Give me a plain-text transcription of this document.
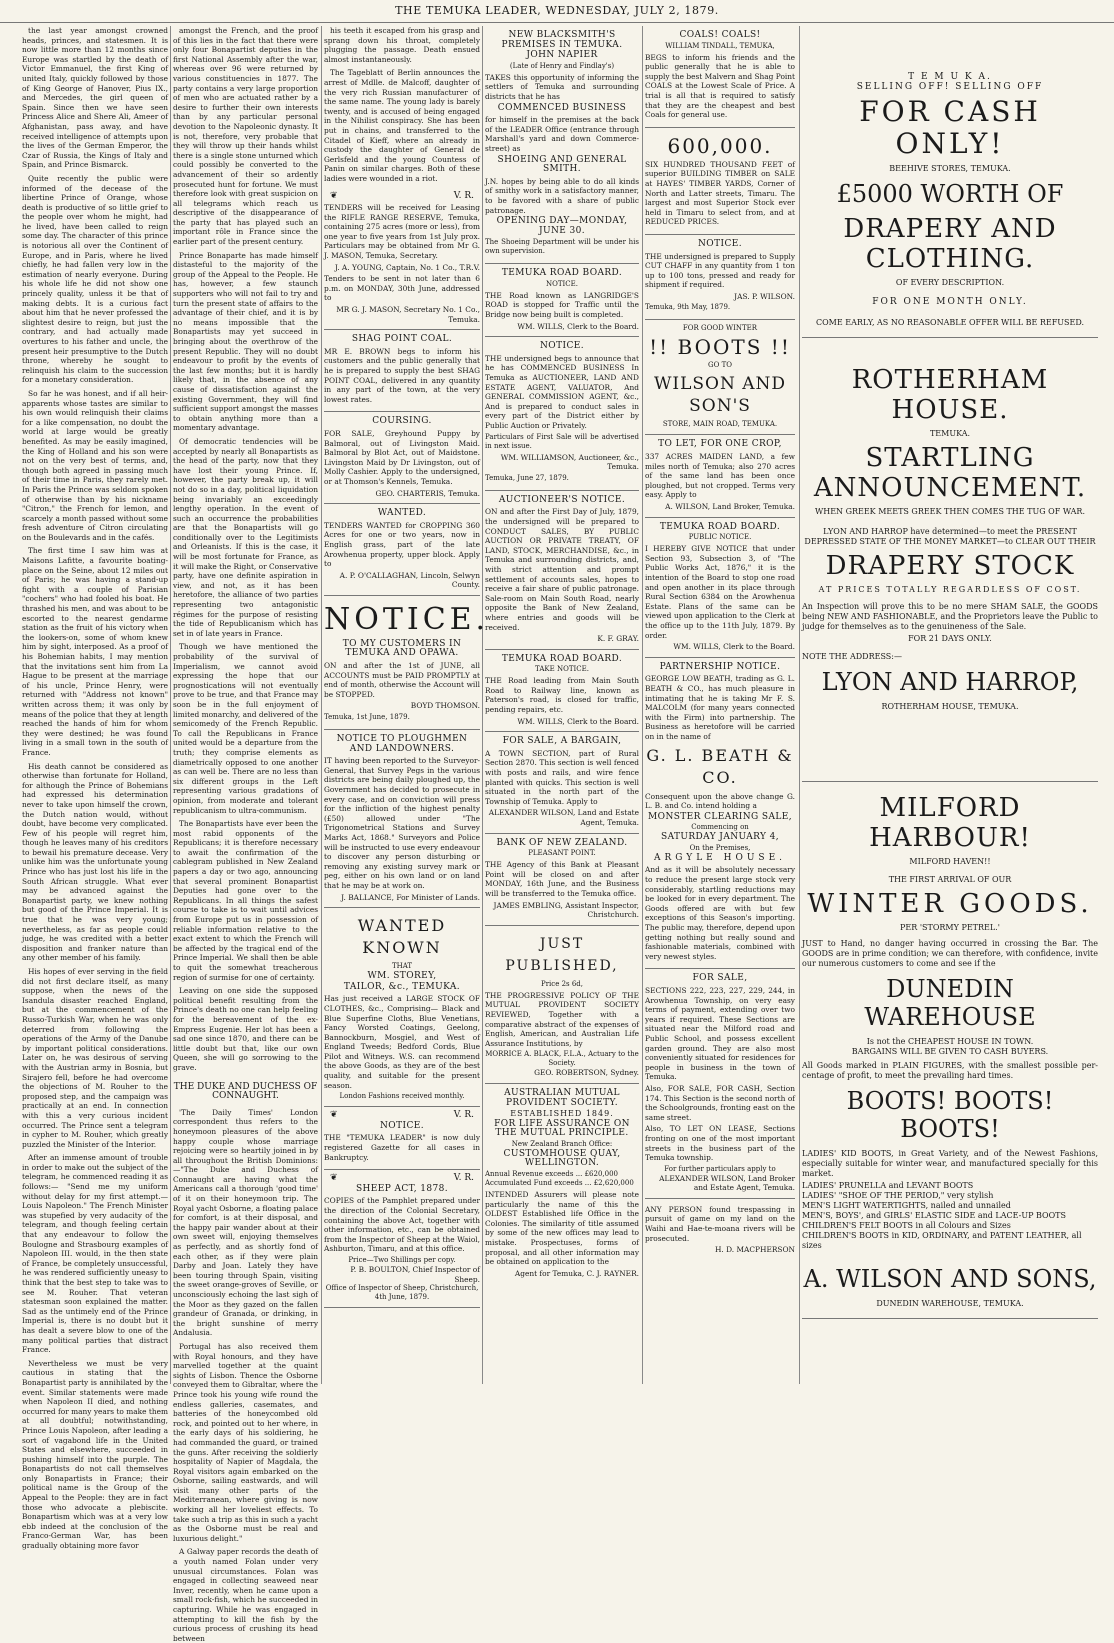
THE TEMUKA LEADER, WEDNESDAY, JULY 2, 1879.

the last year amongst crowned heads, princes, and statesmen. It is now little more than 12 months since Europe was startled by the death of Victor Emmanuel, the first King of united Italy, quickly followed by those of King George of Hanover, Pius IX., and Mercedes, the girl queen of Spain. Since then we have seen Princess Alice and Shere Ali, Ameer of Afghanistan, pass away, and have received intelligence of attempts upon the lives of the German Emperor, the Czar of Russia, the Kings of Italy and Spain, and Prince Bismarck.

Quite recently the public were informed of the decease of the libertine Prince of Orange, whose death is productive of so little grief to the people over whom he might, had he lived, have been called to reign some day. The character of this prince is notorious all over the Continent of Europe, and in Paris, where he lived chiefly, he had fallen very low in the estimation of nearly everyone. During his whole life he did not show one princely quality, unless it be that of making debts. It is a curious fact about him that he never professed the slightest desire to reign, but just the contrary, and had actually made overtures to his father and uncle, the present heir presumptive to the Dutch throne, whereby he sought to relinquish his claim to the succession for a monetary consideration.

So far he was honest, and if all heir-apparents whose tastes are similar to his own would relinquish their claims for a like compensation, no doubt the world at large would be greatly benefited. As may be easily imagined, the King of Holland and his son were not on the very best of terms, and, though both agreed in passing much of their time in Paris, they rarely met. In Paris the Prince was seldom spoken of otherwise than by his nickname "Citron," the French for lemon, and scarcely a month passed without some fresh adventure of Citron circulating on the Boulevards and in the cafés.

The first time I saw him was at Maisons Lafitte, a favourite boating-place on the Seine, about 12 miles out of Paris; he was having a stand-up fight with a couple of Parisian "cochers" who had fooled his boat. He thrashed his men, and was about to be escorted to the nearest gendarme station as the fruit of his victory when the lookers-on, some of whom knew him by sight, interposed. As a proof of his Bohemian habits, I may mention that the invitations sent him from La Hague to be present at the marriage of his uncle, Prince Henry, were returned with "Address not known" written across them; it was only by means of the police that they at length reached the hands of him for whom they were destined; he was found living in a small town in the south of France.

His death cannot be considered as otherwise than fortunate for Holland, for although the Prince of Bohemians had expressed his determination never to take upon himself the crown, the Dutch nation would, without doubt, have become very complicated. Few of his people will regret him, though he leaves many of his creditors to bewail his premature decease. Very unlike him was the unfortunate young Prince who has just lost his life in the South African struggle. What ever may be advanced against the Bonapartist party, we knew nothing but good of the Prince Imperial. It is true that he was very young; nevertheless, as far as people could judge, he was credited with a better disposition and franker nature than any other member of his family.

His hopes of ever serving in the field did not first declare itself, as many suppose, when the news of the Isandula disaster reached England, but at the commencement of the Russo-Turkish War, when he was only deterred from following the operations of the Army of the Danube by important political considerations. Later on, he was desirous of serving with the Austrian army in Bosnia, but Sirajero fell, before he had overcome the objections of M. Rouher to the proposed step, and the campaign was practically at an end. In connection with this a very curious incident occurred. The Prince sent a telegram in cypher to M. Rouher, which greatly puzzled the Minister of the Interior.

After an immense amount of trouble in order to make out the subject of the telegram, he commenced reading it as follows:— "Send me my uniform without delay for my first attempt.—Louis Napoleon." The French Minister was stupefied by very audacity of the telegram, and though feeling certain that any endeavour to follow the Boulogne and Strasbourg examples of Napoleon III. would, in the then state of France, be completely unsuccessful, he was rendered sufficiently uneasy to think that the best step to take was to see M. Rouher. That veteran statesman soon explained the matter. Sad as the untimely end of the Prince Imperial is, there is no doubt but it has dealt a severe blow to one of the many political parties that distract France.

Nevertheless we must be very cautious in stating that the Bonapartist party is annihilated by the event. Similar statements were made when Napoleon II died, and nothing occurred for many years to make them at all doubtful; notwithstanding, Prince Louis Napoleon, after leading a sort of vagabond life in the United States and elsewhere, succeeded in pushing himself into the purple. The Bonapartists do not call themselves only Bonapartists in France; their political name is the Group of the Appeal to the People: they are in fact those who advocate a plebiscite. Bonapartism which was at a very low ebb indeed at the conclusion of the Franco-German War, has been gradually obtaining more favor

amongst the French, and the proof of this lies in the fact that there were only four Bonapartist deputies in the first National Assembly after the war, whereas over 96 were returned by various constituencies in 1877. The party contains a very large proportion of men who are actuated rather by a desire to further their own interests than by any particular personal devotion to the Napoleonic dynasty. It is not, therefore, very probable that they will throw up their hands whilst there is a single stone unturned which could possibly be converted to the advancement of their so ardently prosecuted hunt for fortune. We must therefore look with great suspicion on all telegrams which reach us descriptive of the disappearance of the party that has played such an important rôle in France since the earlier part of the present century.

Prince Bonaparte has made himself distasteful to the majority of the group of the Appeal to the People. He has, however, a few staunch supporters who will not fail to try and turn the present state of affairs to the advantage of their chief, and it is by no means impossible that the Bonapartists may yet succeed in bringing about the overthrow of the present Republic. They will no doubt endeavour to profit by the events of the last few months; but it is hardly likely that, in the absence of any cause of dissatisfaction against the existing Government, they will find sufficient support amongst the masses to obtain anything more than a momentary advantage.

Of democratic tendencies will be accepted by nearly all Bonapartists as the head of the party, now that they have lost their young Prince. If, however, the party break up, it will not do so in a day, political liquidation being invariably an exceedingly lengthy operation. In the event of such an occurrence the probabilities are that the Bonapartists will go conditionally over to the Legitimists and Orleanists. If this is the case, it will be most fortunate for France, as it will make the Right, or Conservative party, have one definite aspiration in view, and not, as it has been heretofore, the alliance of two parties representing two antagonistic régimes for the purpose of resisting the tide of Republicanism which has set in of late years in France.

Though we have mentioned the probability of the survival of Imperialism, we cannot avoid expressing the hope that our prognostications will not eventually prove to be true, and that France may soon be in the full enjoyment of limited monarchy, and delivered of the semicomedy of the French Republic. To call the Republicans in France united would be a departure from the truth; they comprise elements as diametrically opposed to one another as can well be. There are no less than six different groups in the Left representing various gradations of opinion, from moderate and tolerant republicanism to ultra-communism.

The Bonapartists have ever been the most rabid opponents of the Republicans; it is therefore necessary to await the confirmation of the cablegram published in New Zealand papers a day or two ago, announcing that several prominent Bonapartist Deputies had gone over to the Republicans. In all things the safest course to take is to wait until advices from Europe put us in possession of reliable information relative to the exact extent to which the French will be affected by the tragical end of the Prince Imperial. We shall then be able to quit the somewhat treacherous region of surmise for one of certainty.

Leaving on one side the supposed political benefit resulting from the Prince's death no one can help feeling for the bereavement of the ex-Empress Eugenie. Her lot has been a sad one since 1870, and there can be little doubt but that, like our own Queen, she will go sorrowing to the grave.

THE DUKE AND DUCHESS OF CONNAUGHT.

'The Daily Times' London correspondent thus refers to the honeymoon pleasures of the above happy couple whose marriage rejoicing were so heartily joined in by all throughout the British Dominions:—"The Duke and Duchess of Connaught are having what the Americans call a thorough 'good time' of it on their honeymoon trip. The Royal yacht Osborne, a floating palace for comfort, is at their disposal, and the happy pair wander about at their own sweet will, enjoying themselves as perfectly, and as shortly fond of each other, as if they were plain Darby and Joan. Lately they have been touring through Spain, visiting the sweet orange-groves of Seville, or unconsciously echoing the last sigh of the Moor as they gazed on the fallen grandeur of Granada, or drinking, in the bright sunshine of merry Andalusia.

Portugal has also received them with Royal honours, and they have marvelled together at the quaint sights of Lisbon. Thence the Osborne conveyed them to Gibraltar, where the Prince took his young wife round the endless galleries, casemates, and batteries of the honeycombed old rock, and pointed out to her where, in the early days of his soldiering, he had commanded the guard, or trained the guns. After receiving the soldierly hospitality of Napier of Magdala, the Royal visitors again embarked on the Osborne, sailing eastwards, and will visit many other parts of the Mediterranean, where giving is now working all her loveliest effects. To take such a trip as this in such a yacht as the Osborne must be real and luxurious delight."

A Galway paper records the death of a youth named Folan under very unusual circumstances. Folan was engaged in collecting seaweed near Inver, recently, when he came upon a small rock-fish, which he succeeded in capturing. While he was engaged in attempting to kill the fish by the curious process of crushing its head between

his teeth it escaped from his grasp and sprang down his throat, completely plugging the passage. Death ensued almost instantaneously.

The Tageblatt of Berlin announces the arrest of Mdlle. de Malcoff, daughter of the very rich Russian manufacturer of the same name. The young lady is barely twenty, and is accused of being engaged in the Nihilist conspiracy. She has been put in chains, and transferred to the Citadel of Kieff, where an already in custody the daughter of General de Gerlsfeld and the young Countess of Panin on similar charges. Both of these ladies were wounded in a riot.

❦	V. R.

TENDERS will be received for Leasing the RIFLE RANGE RESERVE, Temuka, containing 275 acres (more or less), from one year to five years from 1st July prox. Particulars may be obtained from Mr G. J. MASON, Temuka, Secretary.

J. A. YOUNG, Captain, No. 1 Co., T.R.V.

Tenders to be sent in not later than 6 p.m. on MONDAY, 30th June, addressed to

MR G. J. MASON, Secretary No. 1 Co., Temuka.
SHAG POINT COAL.

MR E. BROWN begs to inform his customers and the public generally that he is prepared to supply the best SHAG POINT COAL, delivered in any quantity in any part of the town, at the very lowest rates.

COURSING.

FOR SALE, Greyhound Puppy by Balmoral, out of Livingston Maid. Balmoral by Blot Act, out of Maidstone. Livingston Maid by Dr Livingston, out of Molly Cashier. Apply to the undersigned, or at Thomson's Kennels, Temuka.

GEO. CHARTERIS, Temuka.
WANTED.

TENDERS WANTED for CROPPING 360 Acres for one or two years, now in English grass, part of the late Arowhenua property, upper block. Apply to

A. P. O'CALLAGHAN, Lincoln, Selwyn County.
NOTICE.
TO MY CUSTOMERS IN TEMUKA AND OPAWA.

ON and after the 1st of JUNE, all ACCOUNTS must be PAID PROMPTLY at end of month, otherwise the Account will be STOPPED.

BOYD THOMSON.

Temuka, 1st June, 1879.

NOTICE TO PLOUGHMEN AND LANDOWNERS.

IT having been reported to the Surveyor-General, that Survey Pegs in the various districts are being daily ploughed up, the Government has decided to prosecute in every case, and on conviction will press for the infliction of the highest penalty (£50) allowed under "The Trigonometrical Stations and Survey Marks Act, 1868." Surveyors and Police will be instructed to use every endeavour to discover any person disturbing or removing any existing survey mark or peg, either on his own land or on land that he may be at work on.

J. BALLANCE, For Minister of Lands.
WANTED KNOWN
THAT
WM. STOREY,
TAILOR, &c., TEMUKA.

Has just received a LARGE STOCK OF CLOTHES, &c., Comprising— Black and Blue Superfine Cloths, Blue Venetians, Fancy Worsted Coatings, Geelong, Bannockburn, Mosgiel, and West of England Tweeds; Bedford Cords, Blue Pilot and Witneys. W.S. can recommend the above Goods, as they are of the best quality, and suitable for the present season.

London Fashions received monthly.
❦	V. R.
NOTICE.

THE "TEMUKA LEADER" is now duly registered Gazette for all cases in Bankruptcy.

❦	V. R.
SHEEP ACT, 1878.

COPIES of the Pamphlet prepared under the direction of the Colonial Secretary, containing the above Act, together with other information, etc., can be obtained from the Inspector of Sheep at the Waiol, Ashburton, Timaru, and at this office.

Price—Two Shillings per copy.
P. B. BOULTON, Chief Inspector of Sheep.
Office of Inspector of Sheep, Christchurch, 4th June, 1879.
NEW BLACKSMITH'S PREMISES IN TEMUKA.
JOHN NAPIER
(Late of Henry and Findlay's)

TAKES this opportunity of informing the settlers of Temuka and surrounding districts that he has

COMMENCED BUSINESS

for himself in the premises at the back of the LEADER Office (entrance through Marshall's yard and down Commerce-street) as

SHOEING AND GENERAL SMITH.

J.N. hopes by being able to do all kinds of smithy work in a satisfactory manner, to be favored with a share of public patronage.

OPENING DAY—MONDAY, JUNE 30.

The Shoeing Department will be under his own supervision.

TEMUKA ROAD BOARD.
NOTICE.

THE Road known as LANGRIDGE'S ROAD is stopped for Traffic until the Bridge now being built is completed.

WM. WILLS, Clerk to the Board.
NOTICE.

THE undersigned begs to announce that he has COMMENCED BUSINESS In Temuka as AUCTIONEER, LAND AND ESTATE AGENT, VALUATOR, And GENERAL COMMISSION AGENT, &c., And is prepared to conduct sales in every part of the District either by Public Auction or Privately.

Particulars of First Sale will be advertised in next issue.

WM. WILLIAMSON, Auctioneer, &c., Temuka.

Temuka, June 27, 1879.

AUCTIONEER'S NOTICE.

ON and after the First Day of July, 1879, the undersigned will be prepared to CONDUCT SALES, BY PUBLIC AUCTION OR PRIVATE TREATY, OF LAND, STOCK, MERCHANDISE, &c., in Temuka and surrounding districts, and, with strict attention and prompt settlement of accounts sales, hopes to receive a fair share of public patronage. Sale-room on Main South Road, nearly opposite the Bank of New Zealand, where entries and goods will be received.

K. F. GRAY.
TEMUKA ROAD BOARD.
TAKE NOTICE.

THE Road leading from Main South Road to Railway line, known as Paterson's road, is closed for traffic, pending repairs, etc.

WM. WILLS, Clerk to the Board.
FOR SALE, A BARGAIN,

A TOWN SECTION, part of Rural Section 2870. This section is well fenced with posts and rails, and wire fence planted with quicks. This section is well situated in the north part of the Township of Temuka. Apply to

ALEXANDER WILSON, Land and Estate Agent, Temuka.
BANK OF NEW ZEALAND.
PLEASANT POINT.

THE Agency of this Bank at Pleasant Point will be closed on and after MONDAY, 16th June, and the Business will be transferred to the Temuka office.

JAMES EMBLING, Assistant Inspector, Christchurch.
JUST PUBLISHED,
Price 2s 6d,

THE PROGRESSIVE POLICY OF THE MUTUAL PROVIDENT SOCIETY REVIEWED, Together with a comparative abstract of the expenses of English, American, and Australian Life Assurance Institutions, by

MORRICE A. BLACK, F.L.A., Actuary to the Society.
GEO. ROBERTSON, Sydney.
AUSTRALIAN MUTUAL PROVIDENT SOCIETY.
ESTABLISHED 1849.
FOR LIFE ASSURANCE ON THE MUTUAL PRINCIPLE.
New Zealand Branch Office:
CUSTOMHOUSE QUAY, WELLINGTON.
Annual Revenue exceeds ... £620,000
Accumulated Fund exceeds ... £2,620,000

INTENDED Assurers will please note particularly the name of this the OLDEST Established life Office in the Colonies. The similarity of title assumed by some of the new offices may lead to mistake. Prospectuses, forms of proposal, and all other information may be obtained on application to the

Agent for Temuka, C. J. RAYNER.
COALS! COALS!
WILLIAM TINDALL, TEMUKA,

BEGS to inform his friends and the public generally that he is able to supply the best Malvern and Shag Point COALS at the Lowest Scale of Price. A trial is all that is required to satisfy that they are the cheapest and best Coals for general use.

600,000.

SIX HUNDRED THOUSAND FEET of superior BUILDING TIMBER on SALE at HAYES' TIMBER YARDS, Corner of North and Latter streets, Timaru. The largest and most Superior Stock ever held in Timaru to select from, and at REDUCED PRICES.

NOTICE.

THE undersigned is prepared to Supply CUT CHAFF in any quantity from 1 ton up to 100 tons, pressed and ready for shipment if required.

JAS. P. WILSON.

Temuka, 9th May, 1879.

FOR GOOD WINTER
!! BOOTS !!
GO TO
WILSON AND SON'S
STORE, MAIN ROAD, TEMUKA.
TO LET, FOR ONE CROP,

337 ACRES MAIDEN LAND, a few miles north of Temuka; also 270 acres of the same land has been once ploughed, but not cropped. Terms very easy. Apply to

A. WILSON, Land Broker, Temuka.
TEMUKA ROAD BOARD.
PUBLIC NOTICE.

I HEREBY GIVE NOTICE that under Section 93, Subsection 3, of "The Public Works Act, 1876," it is the intention of the Board to stop one road and open another in its place through Rural Section 6384 on the Arowhenua Estate. Plans of the same can be viewed upon application to the Clerk at the office up to the 11th July, 1879. By order.

WM. WILLS, Clerk to the Board.
PARTNERSHIP NOTICE.

GEORGE LOW BEATH, trading as G. L. BEATH & CO., has much pleasure in intimating that he is taking Mr F. S. MALCOLM (for many years connected with the Firm) into partnership. The Business as heretofore will be carried on in the name of

G. L. BEATH & CO.

Consequent upon the above change G. L. B. and Co. intend holding a

MONSTER CLEARING SALE,
Commencing on
SATURDAY JANUARY 4,
On the Premises,
ARGYLE HOUSE.

And as it will be absolutely necessary to reduce the present large stock very considerably, startling reductions may be looked for in every department. The Goods offered are with but few exceptions of this Season's importing. The public may, therefore, depend upon getting nothing but really sound and fashionable materials, combined with very newest styles.

FOR SALE,

SECTIONS 222, 223, 227, 229, 244, in Arowhenua Township, on very easy terms of payment, extending over two years if required. These Sections are situated near the Milford road and Public School, and possess excellent garden ground. They are also most conveniently situated for residences for people in business in the town of Temuka.

Also, FOR SALE, FOR CASH, Section 174. This Section is the second north of the Schoolgrounds, fronting east on the same street.

Also, TO LET ON LEASE, Sections fronting on one of the most important streets in the business part of the Temuka township.

For further particulars apply to
ALEXANDER WILSON, Land Broker and Estate Agent, Temuka.

ANY PERSON found trespassing in pursuit of game on my land on the Waihi and Hae-te-moana rivers will be prosecuted.

H. D. MACPHERSON
T E M U K A.
SELLING OFF! SELLING OFF
FOR CASH ONLY!
BEEHIVE STORES, TEMUKA.
£5000 WORTH OF
DRAPERY AND CLOTHING.
OF EVERY DESCRIPTION.
FOR ONE MONTH ONLY.
COME EARLY, AS NO REASONABLE OFFER WILL BE REFUSED.
ROTHERHAM HOUSE.
TEMUKA.
STARTLING ANNOUNCEMENT.
WHEN GREEK MEETS GREEK THEN COMES THE TUG OF WAR.
LYON AND HARROP have determined—to meet the PRESENT DEPRESSED STATE OF THE MONEY MARKET—to CLEAR OUT THEIR
DRAPERY STOCK
AT PRICES TOTALLY REGARDLESS OF COST.

An Inspection will prove this to be no mere SHAM SALE, the GOODS being NEW AND FASHIONABLE, and the Proprietors leave the Public to judge for themselves as to the genuineness of the Sale.

FOR 21 DAYS ONLY.
NOTE THE ADDRESS:—
LYON AND HARROP,
ROTHERHAM HOUSE, TEMUKA.
MILFORD HARBOUR!
MILFORD HAVEN!!
THE FIRST ARRIVAL OF OUR
WINTER GOODS.
PER 'STORMY PETREL.'

JUST to Hand, no danger having occurred in crossing the Bar. The GOODS are in prime condition; we can therefore, with confidence, invite our numerous customers to come and see if the

DUNEDIN WAREHOUSE
Is not the CHEAPEST HOUSE IN TOWN.
BARGAINS WILL BE GIVEN TO CASH BUYERS.

All Goods marked in PLAIN FIGURES, with the smallest possible per-centage of profit, to meet the prevailing hard times.

BOOTS! BOOTS! BOOTS!

LADIES' KID BOOTS, in Great Variety, and of the Newest Fashions, especially suitable for winter wear, and manufactured specially for this market.

LADIES' PRUNELLA and LEVANT BOOTS
LADIES' "SHOE OF THE PERIOD," very stylish
MEN'S LIGHT WATERTIGHTS, nailed and unnailed
MEN'S, BOYS', and GIRLS' ELASTIC SIDE and LACE-UP BOOTS
CHILDREN'S FELT BOOTS in all Colours and Sizes
CHILDREN'S BOOTS in KID, ORDINARY, and PATENT LEATHER, all sizes
A. WILSON AND SONS,
DUNEDIN WAREHOUSE, TEMUKA.
